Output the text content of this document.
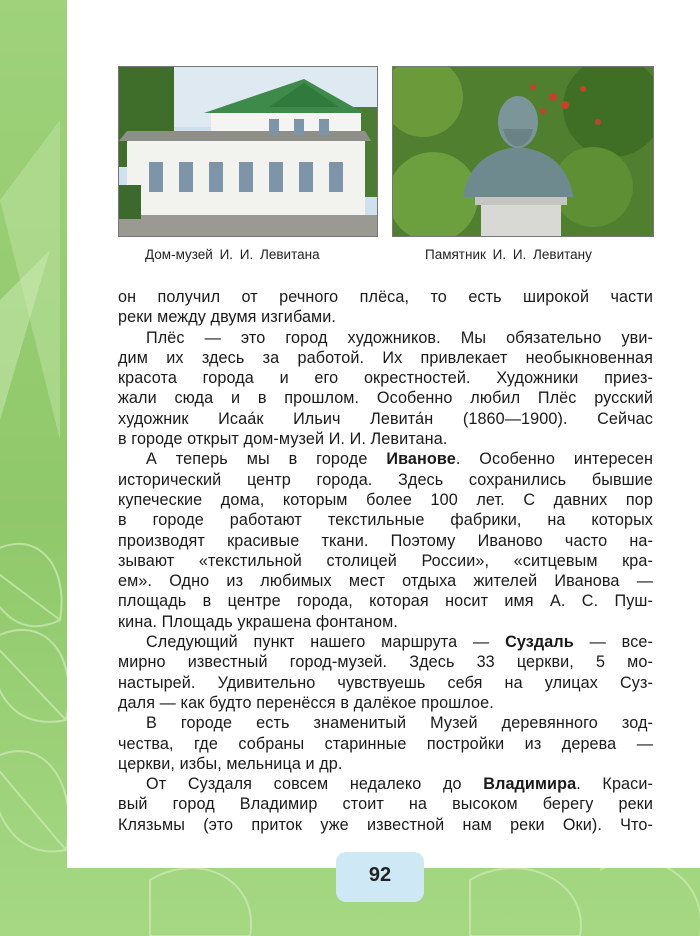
Дом-музей И. И. Левитана	Памятник И. И. Левитану

он получил от речного плёса, то есть широкой части

реки между двумя изгибами.

Плёс — это город художников. Мы обязательно уви-

дим их здесь за работой. Их привлекает необыкновенная

красота города и его окрестностей. Художники приез-

жали сюда и в прошлом. Особенно любил Плёс русский

художник Исаа́к Ильич Левита́н (1860—1900). Сейчас

в городе открыт дом-музей И. И. Левитана.

А теперь мы в городе Иванове. Особенно интересен

исторический центр города. Здесь сохранились бывшие

купеческие дома, которым более 100 лет. С давних пор

в городе работают текстильные фабрики, на которых

производят красивые ткани. Поэтому Иваново часто на-

зывают «текстильной столицей России», «ситцевым кра-

ем». Одно из любимых мест отдыха жителей Иванова —

площадь в центре города, которая носит имя А. С. Пуш-

кина. Площадь украшена фонтаном.

Следующий пункт нашего маршрута — Суздаль — все-

мирно известный город-музей. Здесь 33 церкви, 5 мо-

настырей. Удивительно чувствуешь себя на улицах Суз-

даля — как будто перенёсся в далёкое прошлое.

В городе есть знаменитый Музей деревянного зод-

чества, где собраны старинные постройки из дерева —

церкви, избы, мельница и др.

От Суздаля совсем недалеко до Владимира. Краси-

вый город Владимир стоит на высоком берегу реки

Клязьмы (это приток уже известной нам реки Оки). Что-

92
